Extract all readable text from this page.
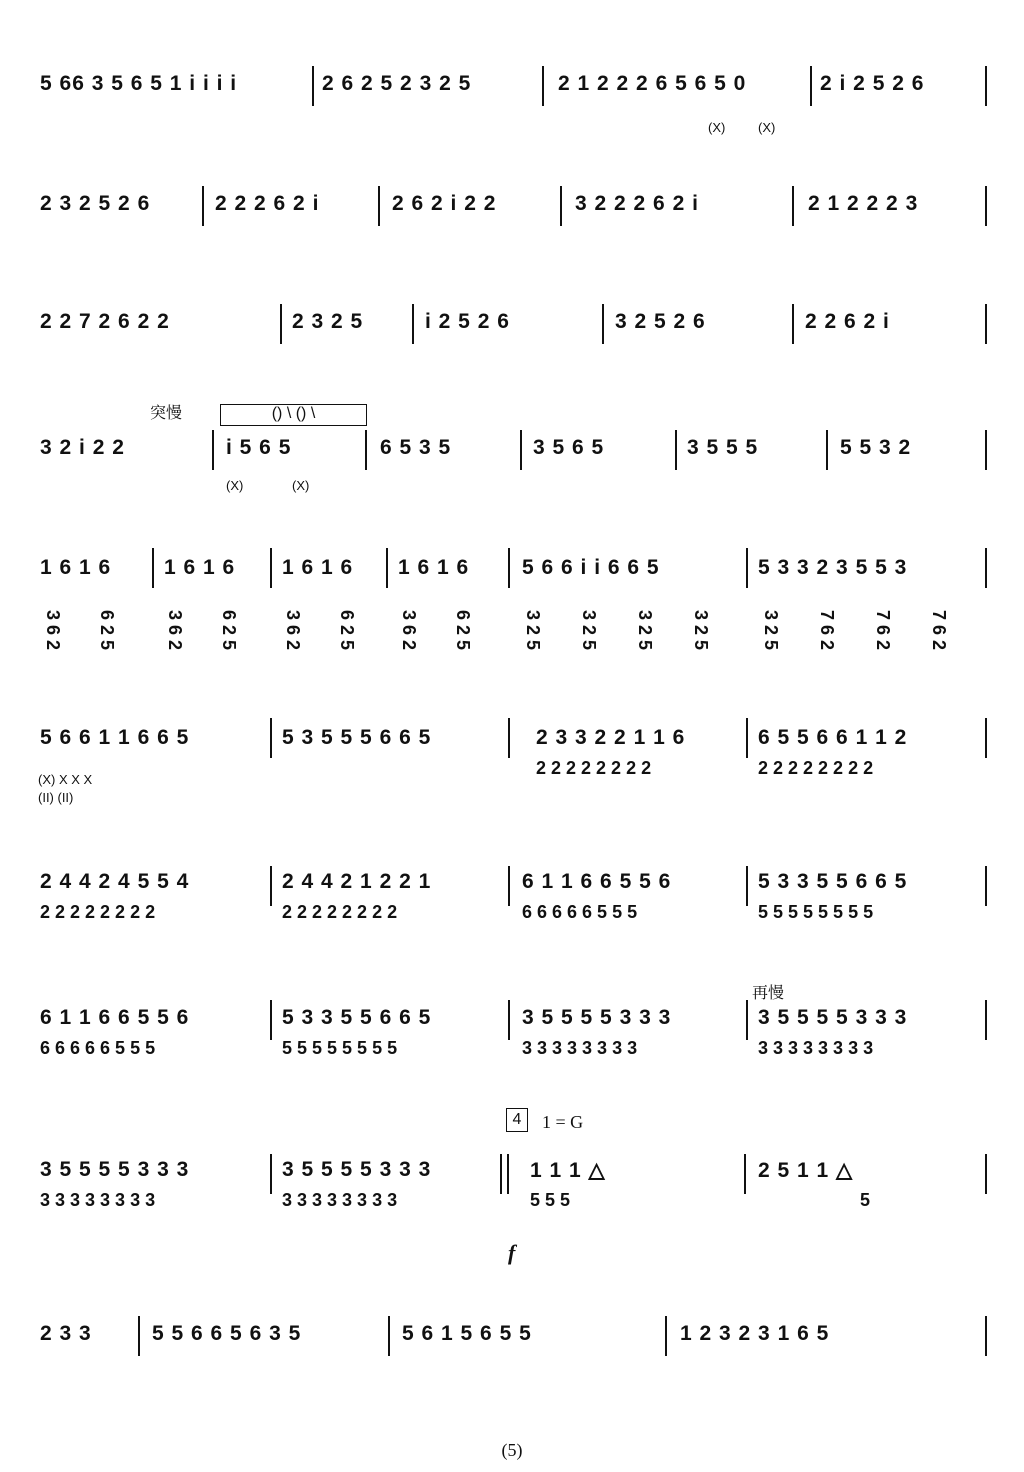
5 66 3 5 6 5 1 i i i i	2 6 2 5 2 3 2 5	2 1 2 2 2 6 5 6 5 0
(X)	(X)
2 i 2 5 2 6
2 3 2 5 2 6	2 2 2 6 2 i	2 6 2 i 2 2	3 2 2 2 6 2 i	2 1 2 2 2 3
2 2 7 2 6 2 2	2 3 2 5	i 2 5 2 6	3 2 5 2 6	2 2 6 2 i
突慢	() \ () \
3 2 i 2 2	i 5 6 5
(X)	(X)
6 5 3 5	3 5 6 5	3 5 5 5	5 5 3 2
1 6 1 6	1 6 1 6 1 6 1 6 1 6 1 6	5 6 6 i i 6 6 5	5 3 3 2 3 5 5 3
3 6 2 6 2 5	3 6 2 6 2 5 3 6 2 6 2 5 3 6 2 6 2 5	3 2 5 3 2 5 3 2 5 3 2 5	3 2 5 7 6 2 7 6 2 7 6 2
5 6 6 1 1 6 6 5
(X) X X X
(II) (II)
5 3 5 5 5 6 6 5	2 3 3 2 2 1 1 6
2 2 2 2 2 2 2 2
6 5 5 6 6 1 1 2
2 2 2 2 2 2 2 2
2 4 4 2 4 5 5 4
2 2 2 2 2 2 2 2
2 4 4 2 1 2 2 1
2 2 2 2 2 2 2 2
6 1 1 6 6 5 5 6
6 6 6 6 6 5 5 5
5 3 3 5 5 6 6 5
5 5 5 5 5 5 5 5
再慢
6 1 1 6 6 5 5 6
6 6 6 6 6 5 5 5
5 3 3 5 5 6 6 5
5 5 5 5 5 5 5 5
3 5 5 5 5 3 3 3
3 3 3 3 3 3 3 3
3 5 5 5 5 3 3 3
3 3 3 3 3 3 3 3
4	1 = G
3 5 5 5 5 3 3 3
3 3 3 3 3 3 3 3
3 5 5 5 5 3 3 3
3 3 3 3 3 3 3 3
1 1 1 △
5 5 5
f
2 5 1 1 △
5
2 3 3	5 5 6 6 5 6 3 5	5 6 1 5 6 5 5	1 2 3 2 3 1 6 5
(5)
